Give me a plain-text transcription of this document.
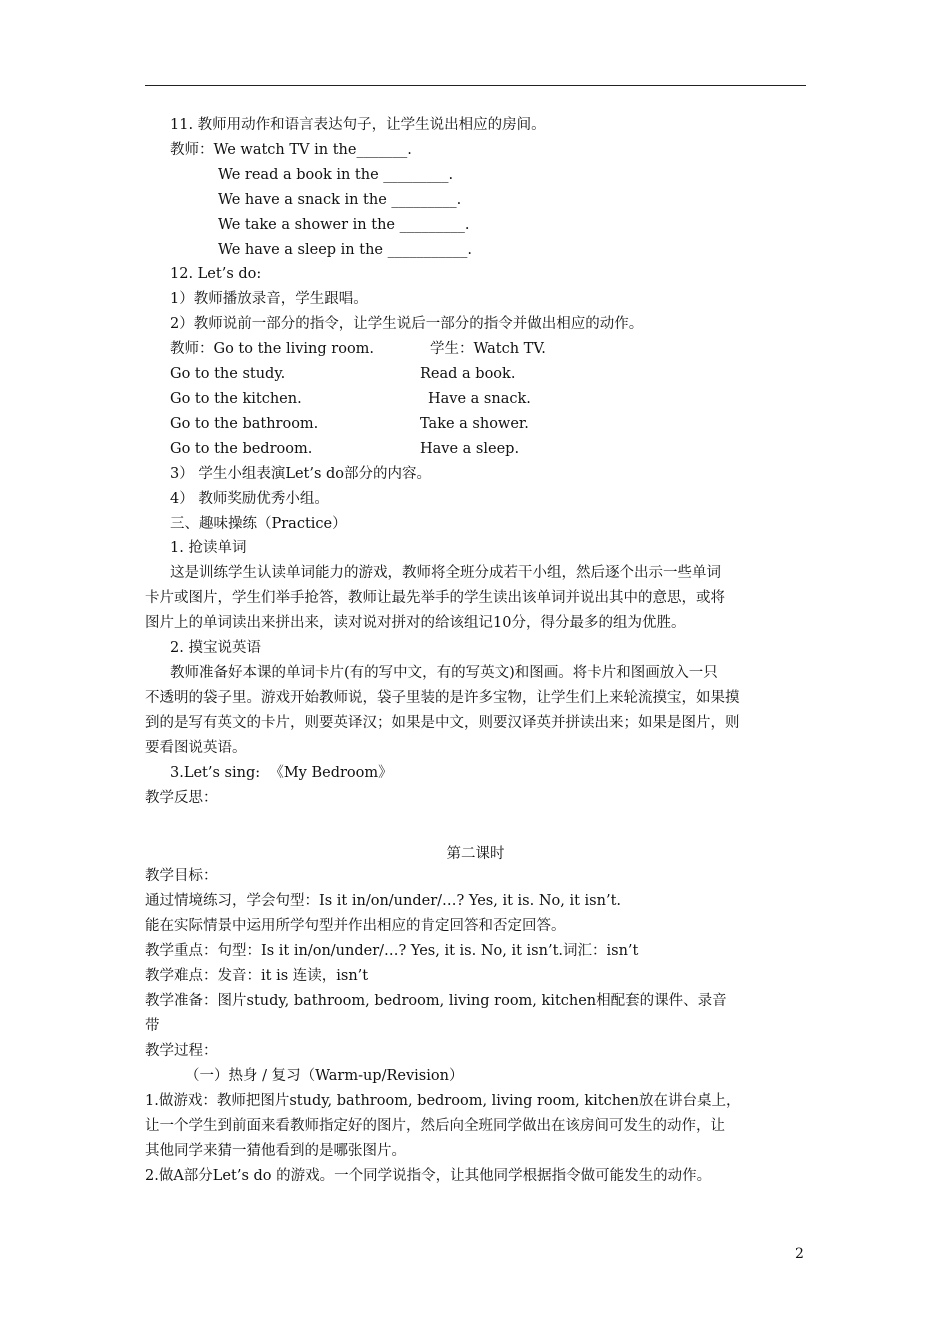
11. 教师用动作和语言表达句子，让学生说出相应的房间。
教师：We watch TV in the_______.
We read a book in the _________.
We have a snack in the _________.
We take a shower in the _________.
We have a sleep in the ___________.
12. Let’s do:
1）教师播放录音，学生跟唱。
2）教师说前一部分的指令，让学生说后一部分的指令并做出相应的动作。
教师：Go to the living room.	学生：Watch TV.
Go to the study.	Read a book.
Go to the kitchen.	Have a snack.
Go to the bathroom.	Take a shower.
Go to the bedroom.	Have a sleep.
3） 学生小组表演Let’s do部分的内容。
4） 教师奖励优秀小组。
三、趣味操练（Practice）
1. 抢读单词
这是训练学生认读单词能力的游戏，教师将全班分成若干小组，然后逐个出示一些单词
卡片或图片，学生们举手抢答，教师让最先举手的学生读出该单词并说出其中的意思，或将
图片上的单词读出来拼出来，读对说对拼对的给该组记10分，得分最多的组为优胜。
2. 摸宝说英语
教师准备好本课的单词卡片(有的写中文，有的写英文)和图画。将卡片和图画放入一只
不透明的袋子里。游戏开始教师说，袋子里装的是许多宝物，让学生们上来轮流摸宝，如果摸
到的是写有英文的卡片，则要英译汉；如果是中文，则要汉译英并拼读出来；如果是图片，则
要看图说英语。
3.Let’s sing:  《My Bedroom》
教学反思：
教学目标：
通过情境练习，学会句型：Is it in/on/under/…? Yes, it is. No, it isn’t.
能在实际情景中运用所学句型并作出相应的肯定回答和否定回答。
教学重点：句型：Is it in/on/under/…? Yes, it is. No, it isn’t.词汇：isn’t
教学难点：发音：it is 连读，isn’t
教学准备：图片study, bathroom, bedroom, living room, kitchen相配套的课件、录音
带
教学过程：
（一）热身 / 复习（Warm-up/Revision）
1.做游戏：教师把图片study, bathroom, bedroom, living room, kitchen放在讲台桌上，
让一个学生到前面来看教师指定好的图片，然后向全班同学做出在该房间可发生的动作，让
其他同学来猜一猜他看到的是哪张图片。
2.做A部分Let’s do 的游戏。一个同学说指令，让其他同学根据指令做可能发生的动作。
第二课时
2
